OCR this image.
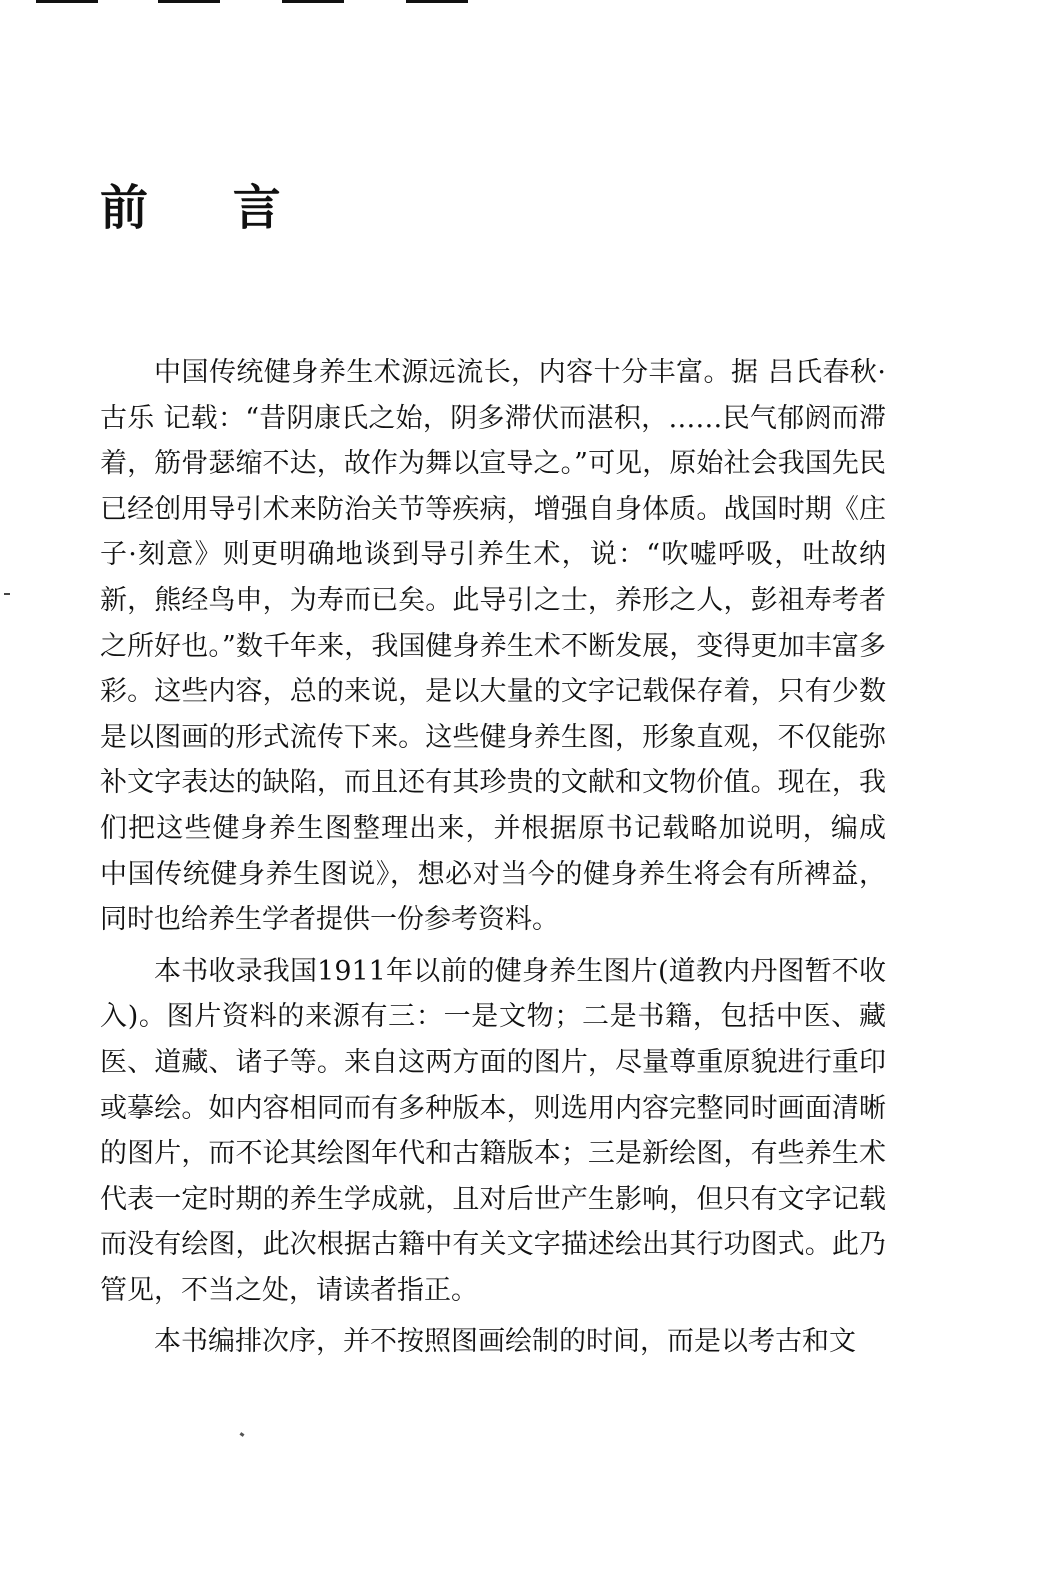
前 言

中国传统健身养生术源远流长，内容十分丰富。据 吕氏春秋·古乐 记载：“昔阴康氏之始，阴多滞伏而湛积，……民气郁阏而滞着，筋骨瑟缩不达，故作为舞以宣导之。”可见，原始社会我国先民已经创用导引术来防治关节等疾病，增强自身体质。战国时期《庄子·刻意》则更明确地谈到导引养生术，说：“吹嘘呼吸，吐故纳新，熊经鸟申，为寿而已矣。此导引之士，养形之人，彭祖寿考者之所好也。”数千年来，我国健身养生术不断发展，变得更加丰富多彩。这些内容，总的来说，是以大量的文字记载保存着，只有少数是以图画的形式流传下来。这些健身养生图，形象直观，不仅能弥补文字表达的缺陷，而且还有其珍贵的文献和文物价值。现在，我们把这些健身养生图整理出来，并根据原书记载略加说明，编成 中国传统健身养生图说》，想必对当今的健身养生将会有所裨益，同时也给养生学者提供一份参考资料。

本书收录我国1911年以前的健身养生图片(道教内丹图暂不收入)。图片资料的来源有三：一是文物；二是书籍，包括中医、藏医、道藏、诸子等。来自这两方面的图片，尽量尊重原貌进行重印或摹绘。如内容相同而有多种版本，则选用内容完整同时画面清晰的图片，而不论其绘图年代和古籍版本；三是新绘图，有些养生术代表一定时期的养生学成就，且对后世产生影响，但只有文字记载而没有绘图，此次根据古籍中有关文字描述绘出其行功图式。此乃管见，不当之处，请读者指正。

本书编排次序，并不按照图画绘制的时间，而是以考古和文
